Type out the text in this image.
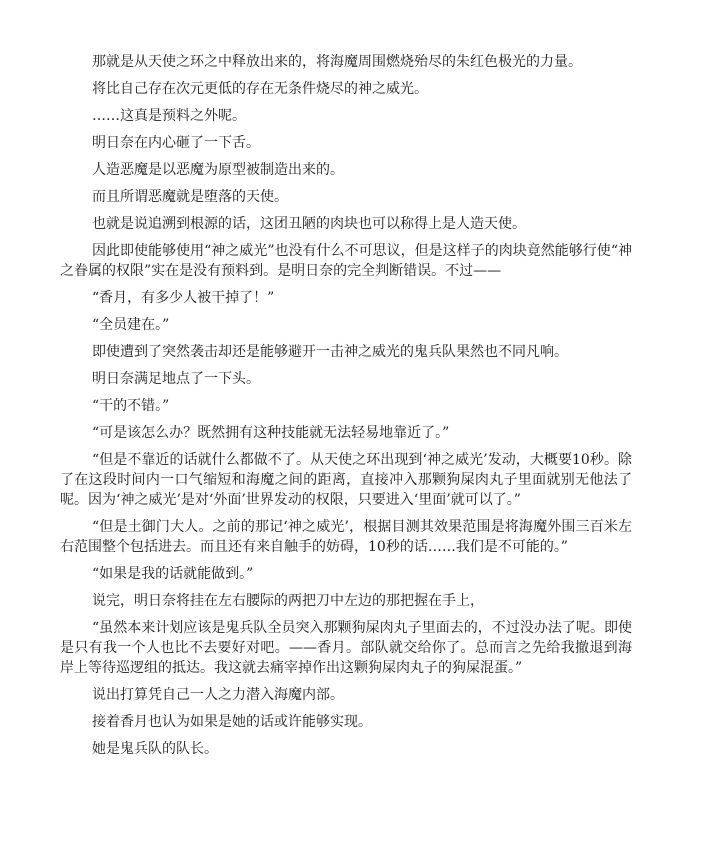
那就是从天使之环之中释放出来的，将海魔周围燃烧殆尽的朱红色极光的力量。

将比自己存在次元更低的存在无条件烧尽的神之威光。

……这真是预料之外呢。

明日奈在内心砸了一下舌。

人造恶魔是以恶魔为原型被制造出来的。

而且所谓恶魔就是堕落的天使。

也就是说追溯到根源的话，这团丑陋的肉块也可以称得上是人造天使。

因此即使能够使用“神之威光”也没有什么不可思议，但是这样子的肉块竟然能够行使“神之眷属的权限”实在是没有预料到。是明日奈的完全判断错误。不过——

“香月，有多少人被干掉了！”

“全员建在。”

即使遭到了突然袭击却还是能够避开一击神之威光的鬼兵队果然也不同凡响。

明日奈满足地点了一下头。

“干的不错。”

“可是该怎么办？既然拥有这种技能就无法轻易地靠近了。”

“但是不靠近的话就什么都做不了。从天使之环出现到‘神之威光’发动，大概要10秒。除了在这段时间内一口气缩短和海魔之间的距离，直接冲入那颗狗屎肉丸子里面就别无他法了呢。因为‘神之威光’是对‘外面’世界发动的权限，只要进入‘里面’就可以了。”

“但是土御门大人。之前的那记‘神之威光’，根据目测其效果范围是将海魔外围三百米左右范围整个包括进去。而且还有来自触手的妨碍，10秒的话……我们是不可能的。”

“如果是我的话就能做到。”

说完，明日奈将挂在左右腰际的两把刀中左边的那把握在手上，

“虽然本来计划应该是鬼兵队全员突入那颗狗屎肉丸子里面去的，不过没办法了呢。即使是只有我一个人也比不去要好对吧。——香月。部队就交给你了。总而言之先给我撤退到海岸上等待巡逻组的抵达。我这就去痛宰掉作出这颗狗屎肉丸子的狗屎混蛋。”

说出打算凭自己一人之力潜入海魔内部。

接着香月也认为如果是她的话或许能够实现。

她是鬼兵队的队长。
